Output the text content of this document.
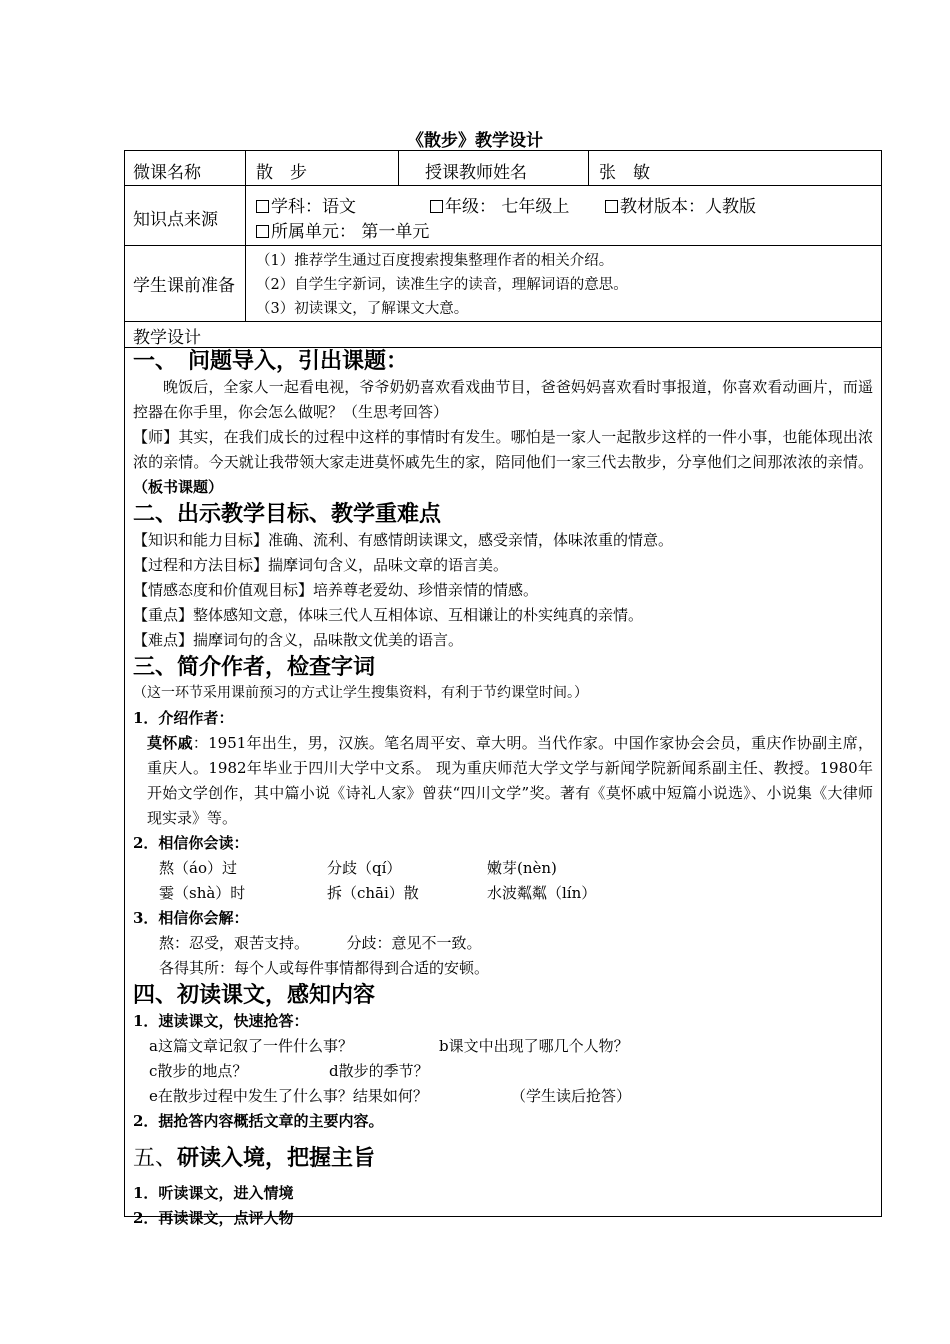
《散步》教学设计
微课名称	散　步	授课教师姓名	张　敏
知识点来源
学科：语文	年级： 七年级上	教材版本：人教版
所属单元： 第一单元
学生课前准备
（1）推荐学生通过百度搜索搜集整理作者的相关介绍。
（2）自学生字新词，读准生字的读音，理解词语的意思。
（3）初读课文，了解课文大意。
教学设计

一、　问题导入，引出课题：

晚饭后，全家人一起看电视，爷爷奶奶喜欢看戏曲节目，爸爸妈妈喜欢看时事报道，你喜欢看动画片，而遥控器在你手里，你会怎么做呢？（生思考回答）

【师】其实，在我们成长的过程中这样的事情时有发生。哪怕是一家人一起散步这样的一件小事，也能体现出浓浓的亲情。今天就让我带领大家走进莫怀戚先生的家，陪同他们一家三代去散步，分享他们之间那浓浓的亲情。（板书课题）

二、出示教学目标、教学重难点

【知识和能力目标】准确、流利、有感情朗读课文，感受亲情，体味浓重的情意。

【过程和方法目标】揣摩词句含义，品味文章的语言美。

【情感态度和价值观目标】培养尊老爱幼、珍惜亲情的情感。

【重点】整体感知文意，体味三代人互相体谅、互相谦让的朴实纯真的亲情。

【难点】揣摩词句的含义，品味散文优美的语言。

三、简介作者，检查字词

（这一环节采用课前预习的方式让学生搜集资料，有利于节约课堂时间。）

1．介绍作者：

莫怀戚：1951年出生，男，汉族。笔名周平安、章大明。当代作家。中国作家协会会员，重庆作协副主席，重庆人。1982年毕业于四川大学中文系。 现为重庆师范大学文学与新闻学院新闻系副主任、教授。1980年开始文学创作，其中篇小说《诗礼人家》曾获“四川文学”奖。著有《莫怀戚中短篇小说选》、小说集《大律师现实录》等。

2．相信你会读：

熬（áo）过	分歧（qí）	嫩芽(nèn)
霎（shà）时	拆（chāi）散	水波粼粼（lín）

3．相信你会解：

熬：忍受，艰苦支持。　　　分歧：意见不一致。

各得其所：每个人或每件事情都得到合适的安顿。

四、初读课文，感知内容

1．速读课文，快速抢答：

a这篇文章记叙了一件什么事？	b课文中出现了哪几个人物？
c散步的地点？	d散步的季节？
e在散步过程中发生了什么事？结果如何？	（学生读后抢答）

2．据抢答内容概括文章的主要内容。

五、研读入境，把握主旨

1．听读课文，进入情境

2．再读课文，点评人物
